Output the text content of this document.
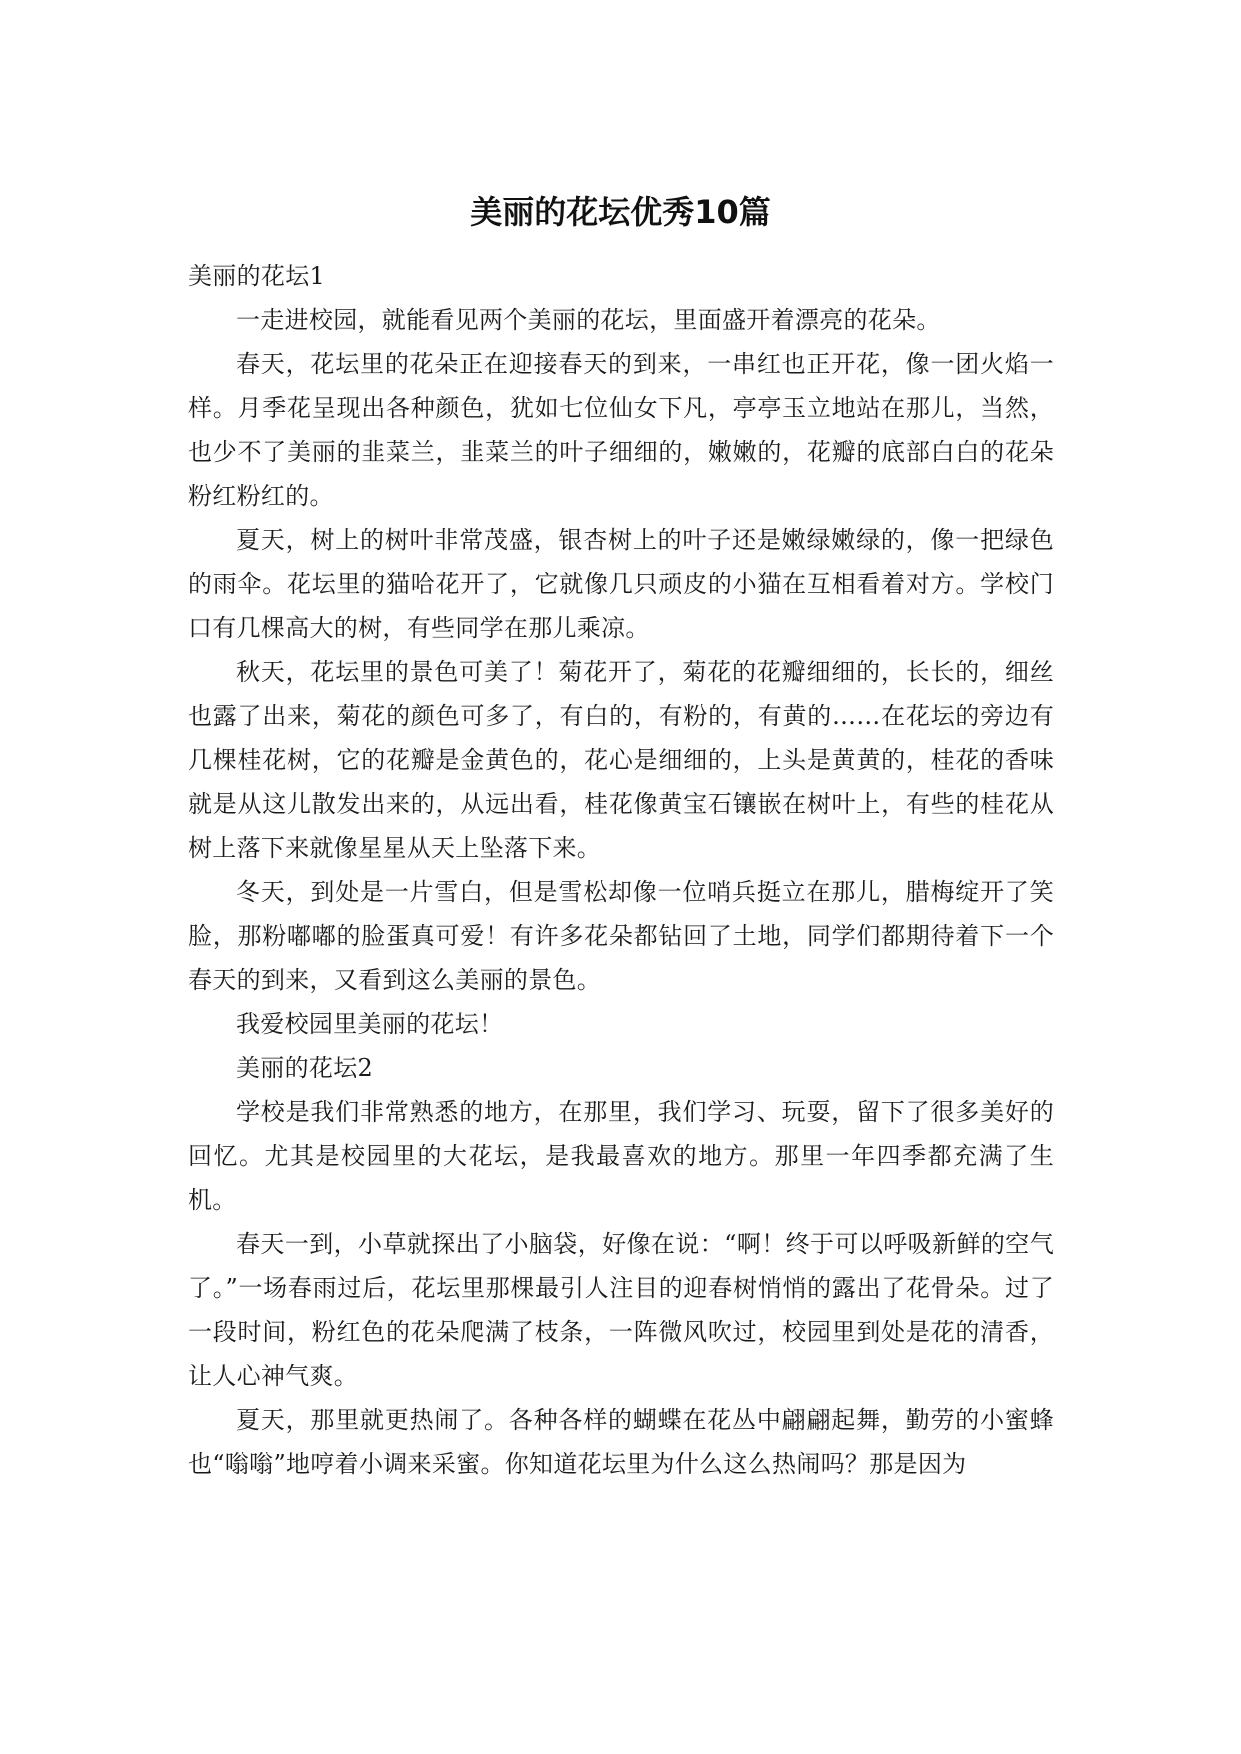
美丽的花坛优秀10篇

美丽的花坛1

一走进校园，就能看见两个美丽的花坛，里面盛开着漂亮的花朵。

春天，花坛里的花朵正在迎接春天的到来，一串红也正开花，像一团火焰一样。月季花呈现出各种颜色，犹如七位仙女下凡，亭亭玉立地站在那儿，当然，也少不了美丽的韭菜兰，韭菜兰的叶子细细的，嫩嫩的，花瓣的底部白白的花朵粉红粉红的。

夏天，树上的树叶非常茂盛，银杏树上的叶子还是嫩绿嫩绿的，像一把绿色的雨伞。花坛里的猫哈花开了，它就像几只顽皮的小猫在互相看着对方。学校门口有几棵高大的树，有些同学在那儿乘凉。

秋天，花坛里的景色可美了！菊花开了，菊花的花瓣细细的，长长的，细丝也露了出来，菊花的颜色可多了，有白的，有粉的，有黄的……在花坛的旁边有几棵桂花树，它的花瓣是金黄色的，花心是细细的，上头是黄黄的，桂花的香味就是从这儿散发出来的，从远出看，桂花像黄宝石镶嵌在树叶上，有些的桂花从树上落下来就像星星从天上坠落下来。

冬天，到处是一片雪白，但是雪松却像一位哨兵挺立在那儿，腊梅绽开了笑脸，那粉嘟嘟的脸蛋真可爱！有许多花朵都钻回了土地，同学们都期待着下一个春天的到来，又看到这么美丽的景色。

我爱校园里美丽的花坛！

美丽的花坛2

学校是我们非常熟悉的地方，在那里，我们学习、玩耍，留下了很多美好的回忆。尤其是校园里的大花坛，是我最喜欢的地方。那里一年四季都充满了生机。

春天一到，小草就探出了小脑袋，好像在说：“啊！终于可以呼吸新鲜的空气了。”一场春雨过后，花坛里那棵最引人注目的迎春树悄悄的露出了花骨朵。过了一段时间，粉红色的花朵爬满了枝条，一阵微风吹过，校园里到处是花的清香，让人心神气爽。

夏天，那里就更热闹了。各种各样的蝴蝶在花丛中翩翩起舞，勤劳的小蜜蜂也“嗡嗡”地哼着小调来采蜜。你知道花坛里为什么这么热闹吗？那是因为
